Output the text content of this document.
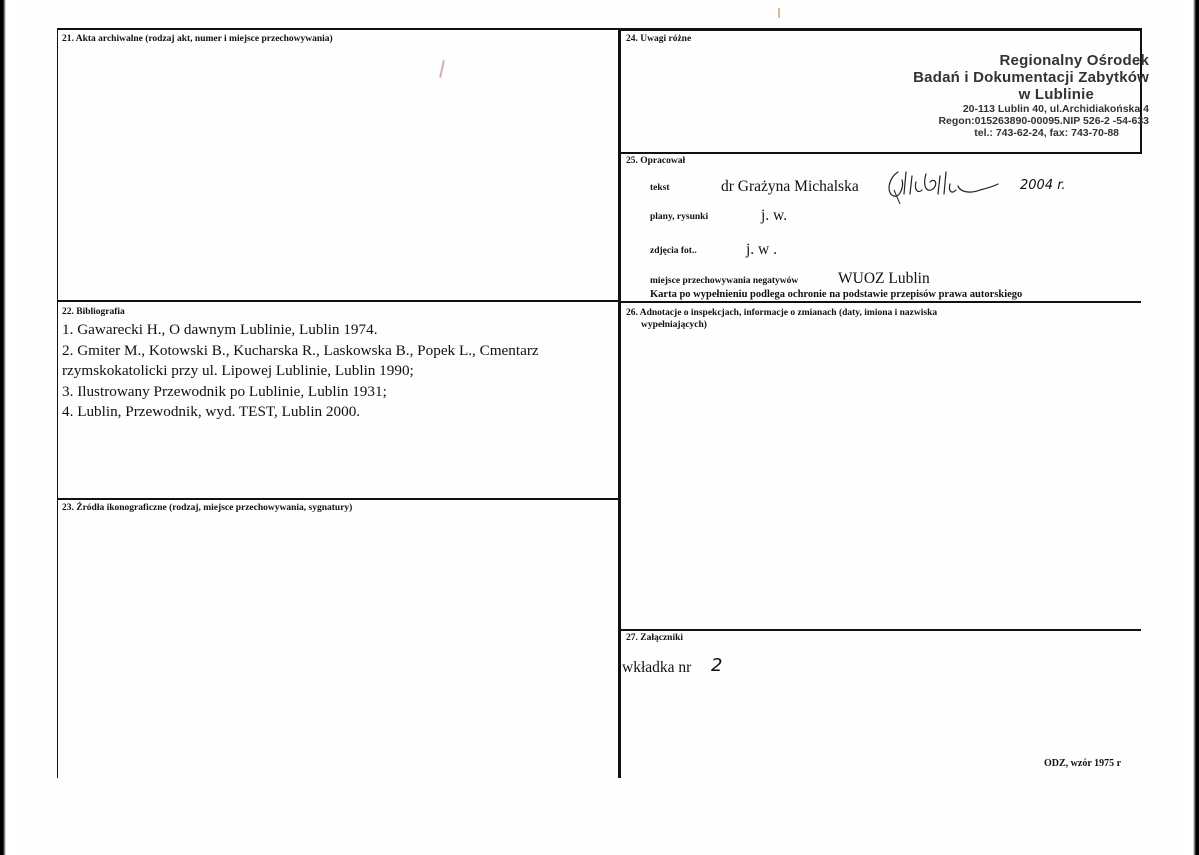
21. Akta archiwalne (rodzaj akt, numer i miejsce przechowywania)
22. Bibliografia
1. Gawarecki H., O dawnym Lublinie, Lublin 1974.
2. Gmiter M., Kotowski B., Kucharska R., Laskowska B., Popek L., Cmentarz
rzymskokatolicki przy ul. Lipowej Lublinie, Lublin 1990;
3. Ilustrowany Przewodnik po Lublinie, Lublin 1931;
4. Lublin, Przewodnik, wyd. TEST, Lublin 2000.
23. Źródła ikonograficzne (rodzaj, miejsce przechowywania, sygnatury)
24. Uwagi różne
Regionalny Ośrodek
Badań i Dokumentacji Zabytków
w Lublinie
20-113 Lublin 40, ul.Archidiakońska 4
Regon:015263890-00095.NIP 526-2 -54-633
tel.: 743-62-24, fax: 743-70-88
25. Opracował
tekst	dr Grażyna Michalska	2004 r.
plany, rysunki	j. w.
zdjęcia fot..	j. w .
miejsce przechowywania negatywów	WUOZ Lublin
Karta po wypełnieniu podlega ochronie na podstawie przepisów prawa autorskiego
26. Adnotacje o inspekcjach, informacje o zmianach (daty, imiona i nazwiska
wypełniających)
27. Załączniki
wkładka nr 2
ODZ, wzór 1975 r
